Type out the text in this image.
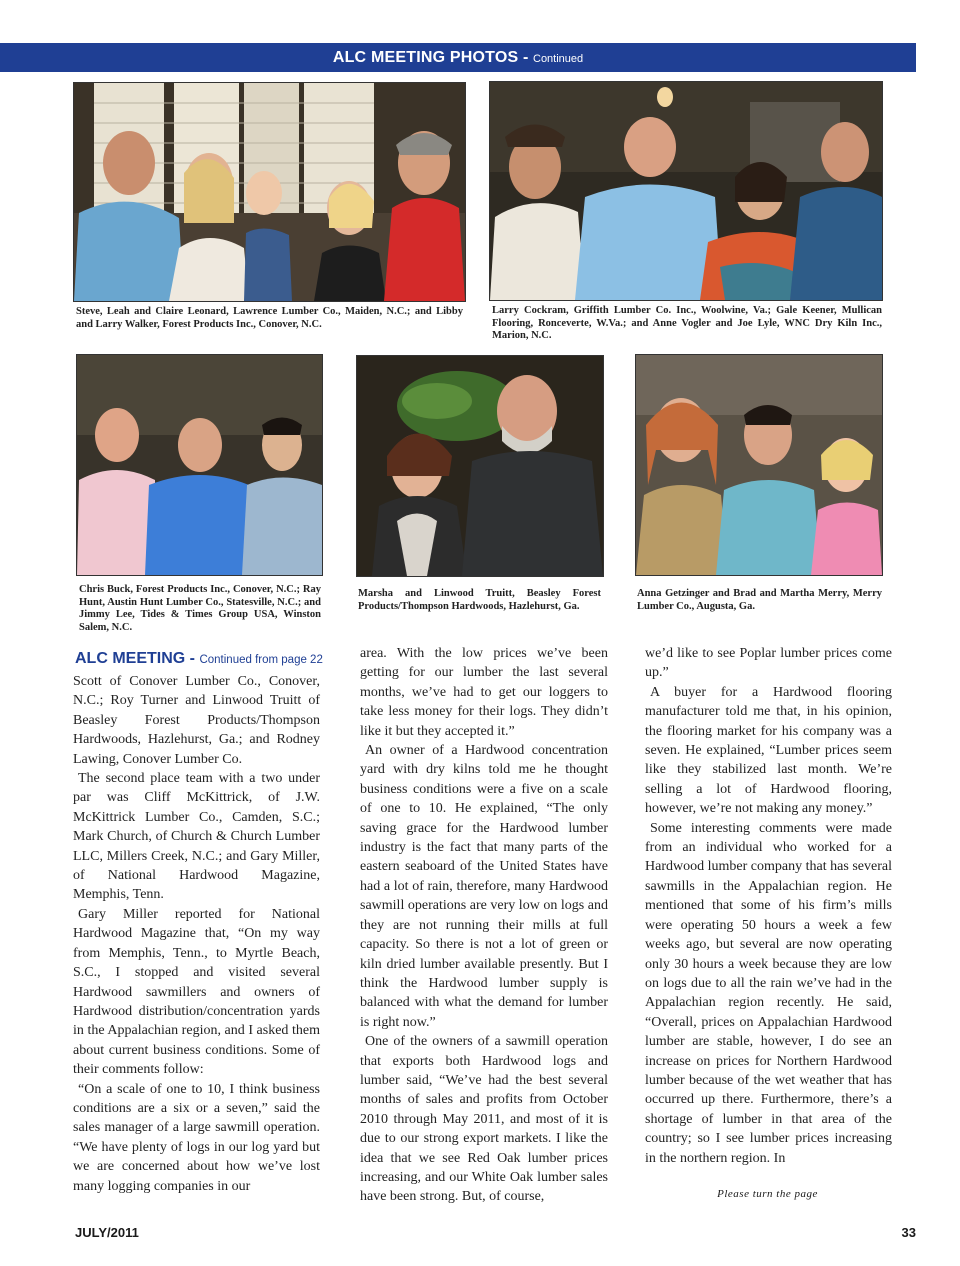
ALC MEETING PHOTOS - Continued
Steve, Leah and Claire Leonard, Lawrence Lumber Co., Maiden, N.C.; and Libby and Larry Walker, Forest Products Inc., Conover, N.C.
Larry Cockram, Griffith Lumber Co. Inc., Woolwine, Va.; Gale Keener, Mullican Flooring, Ronceverte, W.Va.; and Anne Vogler and Joe Lyle, WNC Dry Kiln Inc., Marion, N.C.
Chris Buck, Forest Products Inc., Conover, N.C.; Ray Hunt, Austin Hunt Lumber Co., Statesville, N.C.; and Jimmy Lee, Tides & Times Group USA, Winston Salem, N.C.
Marsha and Linwood Truitt, Beasley Forest Products/Thompson Hardwoods, Hazlehurst, Ga.
Anna Getzinger and Brad and Martha Merry, Merry Lumber Co., Augusta, Ga.
ALC MEETING - Continued from page 22

Scott of Conover Lumber Co., Conover, N.C.; Roy Turner and Linwood Truitt of Beasley Forest Products/Thompson Hardwoods, Hazlehurst, Ga.; and Rodney Lawing, Conover Lumber Co.

The second place team with a two under par was Cliff McKittrick, of J.W. McKittrick Lumber Co., Camden, S.C.; Mark Church, of Church & Church Lumber LLC, Millers Creek, N.C.; and Gary Miller, of National Hardwood Magazine, Memphis, Tenn.

Gary Miller reported for National Hardwood Magazine that, “On my way from Memphis, Tenn., to Myrtle Beach, S.C., I stopped and visited several Hardwood sawmillers and owners of Hardwood distribution/concentration yards in the Appalachian region, and I asked them about current business conditions. Some of their comments follow:

“On a scale of one to 10, I think business conditions are a six or a seven,” said the sales manager of a large sawmill operation. “We have plenty of logs in our log yard but we are concerned about how we’ve lost many logging companies in our

area. With the low prices we’ve been getting for our lumber the last several months, we’ve had to get our loggers to take less money for their logs. They didn’t like it but they accepted it.”

An owner of a Hardwood concentration yard with dry kilns told me he thought business conditions were a five on a scale of one to 10. He explained, “The only saving grace for the Hardwood lumber industry is the fact that many parts of the eastern seaboard of the United States have had a lot of rain, therefore, many Hardwood sawmill operations are very low on logs and they are not running their mills at full capacity. So there is not a lot of green or kiln dried lumber available presently. But I think the Hardwood lumber supply is balanced with what the demand for lumber is right now.”

One of the owners of a sawmill operation that exports both Hardwood logs and lumber said, “We’ve had the best several months of sales and profits from October 2010 through May 2011, and most of it is due to our strong export markets. I like the idea that we see Red Oak lumber prices increasing, and our White Oak lumber sales have been strong. But, of course,

we’d like to see Poplar lumber prices come up.”

A buyer for a Hardwood flooring manufacturer told me that, in his opinion, the flooring market for his company was a seven. He explained, “Lumber prices seem like they stabilized last month. We’re selling a lot of Hardwood flooring, however, we’re not making any money.”

Some interesting comments were made from an individual who worked for a Hardwood lumber company that has several sawmills in the Appalachian region. He mentioned that some of his firm’s mills were operating 50 hours a week a few weeks ago, but several are now operating only 30 hours a week because they are low on logs due to all the rain we’ve had in the Appalachian region recently. He said, “Overall, prices on Appalachian Hardwood lumber are stable, however, I do see an increase on prices for Northern Hardwood lumber because of the wet weather that has occurred up there. Furthermore, there’s a shortage of lumber in that area of the country; so I see lumber prices increasing in the northern region. In

Please turn the page
JULY/2011	33
